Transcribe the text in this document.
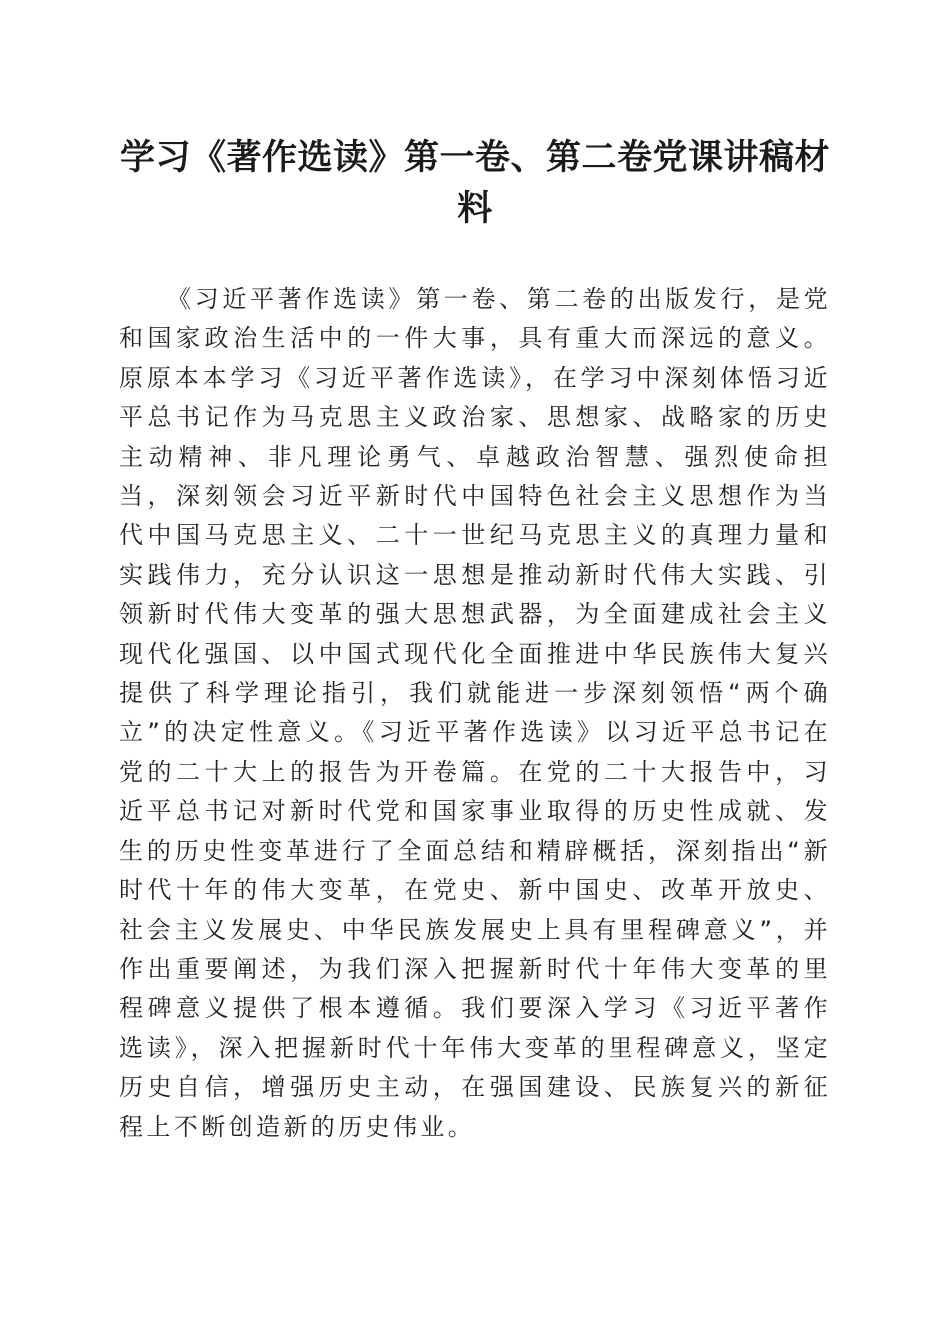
学习《著作选读》第一卷、第二卷党课讲稿材料

《习近平著作选读》第一卷、第二卷的出版发行，是党和国家政治生活中的一件大事，具有重大而深远的意义。原原本本学习《习近平著作选读》，在学习中深刻体悟习近平总书记作为马克思主义政治家、思想家、战略家的历史主动精神、非凡理论勇气、卓越政治智慧、强烈使命担当，深刻领会习近平新时代中国特色社会主义思想作为当代中国马克思主义、二十一世纪马克思主义的真理力量和实践伟力，充分认识这一思想是推动新时代伟大实践、引领新时代伟大变革的强大思想武器，为全面建成社会主义现代化强国、以中国式现代化全面推进中华民族伟大复兴提供了科学理论指引，我们就能进一步深刻领悟“两个确立”的决定性意义。《习近平著作选读》以习近平总书记在党的二十大上的报告为开卷篇。在党的二十大报告中，习近平总书记对新时代党和国家事业取得的历史性成就、发生的历史性变革进行了全面总结和精辟概括，深刻指出“新时代十年的伟大变革，在党史、新中国史、改革开放史、社会主义发展史、中华民族发展史上具有里程碑意义”，并作出重要阐述，为我们深入把握新时代十年伟大变革的里程碑意义提供了根本遵循。我们要深入学习《习近平著作选读》，深入把握新时代十年伟大变革的里程碑意义，坚定历史自信，增强历史主动，在强国建设、民族复兴的新征程上不断创造新的历史伟业。
